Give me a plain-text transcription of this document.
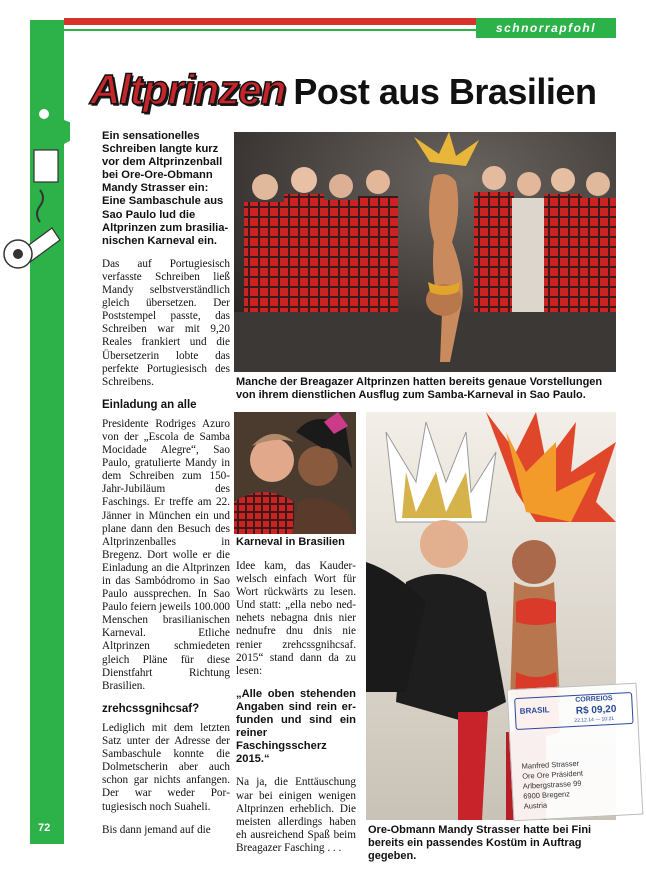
schnorrapfohl
72
Altprinzen Post aus Brasilien

Ein sensationelles Schreiben langte kurz vor dem Altprinzenball bei Ore-Ore-Obmann Mandy Strasser ein: Eine Sambaschule aus Sao Paulo lud die Altprinzen zum brasilianischen Karneval ein.

Das auf Portugiesisch verfasste Schreiben ließ Mandy selbstverständlich gleich übersetzen. Der Poststempel passte, das Schreiben war mit 9,20 Reales frankiert und die Übersetzerin lobte das perfekte Portugiesisch des Schreibens.

Einladung an alle

Presidente Rodriges Azuro von der „Escola de Samba Mocidade Alegre“, Sao Paulo, gratulierte Mandy in dem Schreiben zum 150-Jahr-Jubiläum des Faschings. Er treffe am 22. Jänner in München ein und plane dann den Besuch des Altprinzenballes in Bregenz. Dort wolle er die Einladung an die Altprinzen in das Sambódromo in Sao Paulo aussprechen. In Sao Paulo feiern jeweils 100.000 Menschen brasilianischen Karneval. Etliche Altprinzen schmiedeten gleich Pläne für diese Dienstfahrt Richtung Brasilien.

zrehcssgnihcsaf?

Lediglich mit dem letzten Satz unter der Adresse der Sambaschule konnte die Dolmetscherin aber auch schon gar nichts anfangen. Der war weder Portugiesisch noch Suaheli.

Bis dann jemand auf die

Idee kam, das Kauderwelsch einfach Wort für Wort rückwärts zu lesen. Und statt: „ella nebo nednehets nebagna dnis nier nednufre dnu dnis nie renier zrehcssgnihcsaf. 2015“ stand dann da zu lesen:

„Alle oben stehenden Angaben sind rein erfunden und sind ein reiner Faschingsscherz 2015.“

Na ja, die Enttäuschung war bei einigen wenigen Altprinzen erheblich. Die meisten allerdings haben eh ausreichend Spaß beim Breagazer Fasching . . .

Manche der Breagazer Altprinzen hatten bereits genaue Vorstellungen von ihrem dienstlichen Ausflug zum Samba-Karneval in Sao Paulo.
Karneval in Brasilien
Ore-Obmann Mandy Strasser hatte bei Fini bereits ein passendes Kostüm in Auftrag gegeben.
BRASIL
CORREIOS
R$ 09,20
22.12.14 — 10:21
Manfred Strasser
Ore Ore Präsident
Arlbergstrasse 99
6900 Bregenz
Austria
